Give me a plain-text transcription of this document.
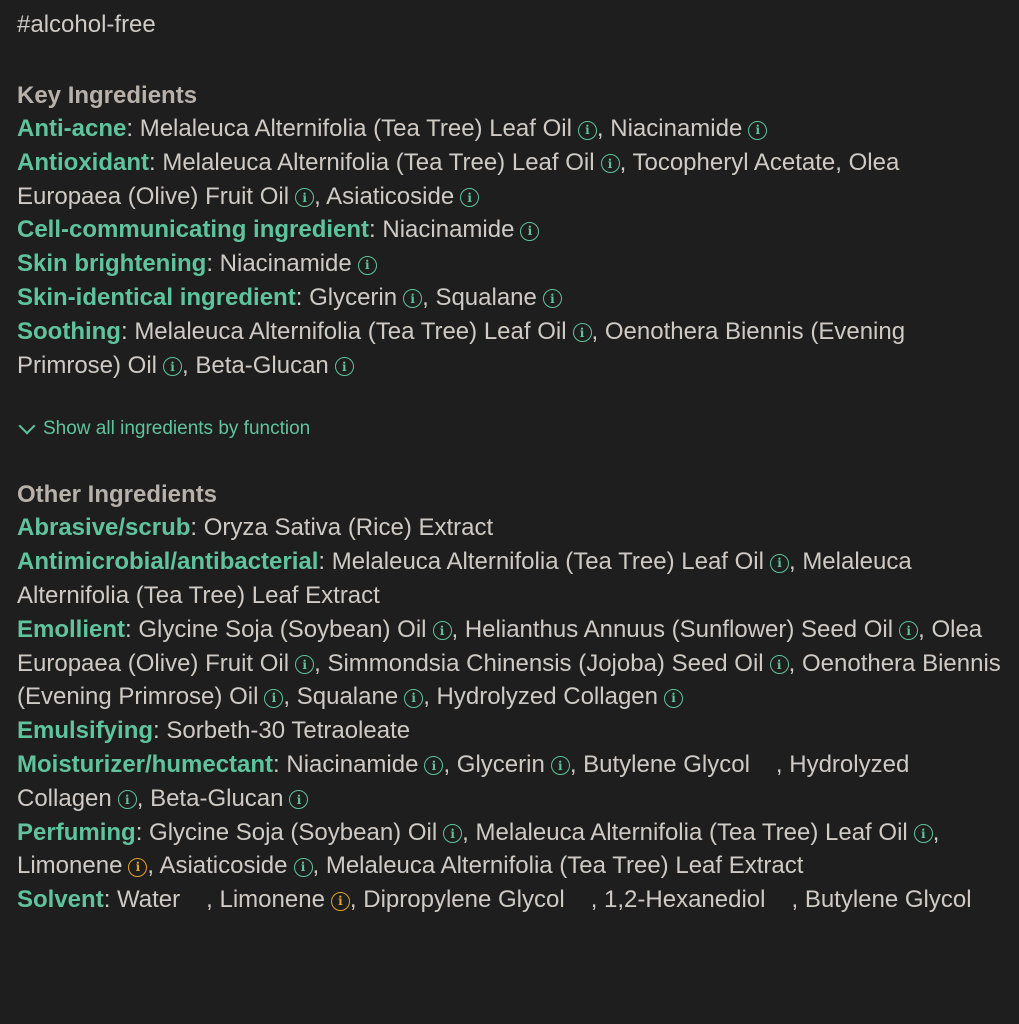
#alcohol-free
Key Ingredients
Anti-acne: Melaleuca Alternifolia (Tea Tree) Leaf Oil i , Niacinamide i
Antioxidant: Melaleuca Alternifolia (Tea Tree) Leaf Oil i , Tocopheryl Acetate, Olea Europaea (Olive) Fruit Oil i , Asiaticoside i
Cell-communicating ingredient: Niacinamide i
Skin brightening: Niacinamide i
Skin-identical ingredient: Glycerin i , Squalane i
Soothing: Melaleuca Alternifolia (Tea Tree) Leaf Oil i , Oenothera Biennis (Evening Primrose) Oil i , Beta-Glucan i
Show all ingredients by function
Other Ingredients
Abrasive/scrub: Oryza Sativa (Rice) Extract
Antimicrobial/antibacterial: Melaleuca Alternifolia (Tea Tree) Leaf Oil i , Melaleuca Alternifolia (Tea Tree) Leaf Extract
Emollient: Glycine Soja (Soybean) Oil i , Helianthus Annuus (Sunflower) Seed Oil i , Olea Europaea (Olive) Fruit Oil i , Simmondsia Chinensis (Jojoba) Seed Oil i , Oenothera Biennis (Evening Primrose) Oil i , Squalane i , Hydrolyzed Collagen i
Emulsifying: Sorbeth-30 Tetraoleate
Moisturizer/humectant: Niacinamide i , Glycerin i , Butylene Glycol , Hydrolyzed Collagen i , Beta-Glucan i
Perfuming: Glycine Soja (Soybean) Oil i , Melaleuca Alternifolia (Tea Tree) Leaf Oil i , Limonene i , Asiaticoside i , Melaleuca Alternifolia (Tea Tree) Leaf Extract
Solvent: Water , Limonene i , Dipropylene Glycol , 1,2-Hexanediol , Butylene Glycol
